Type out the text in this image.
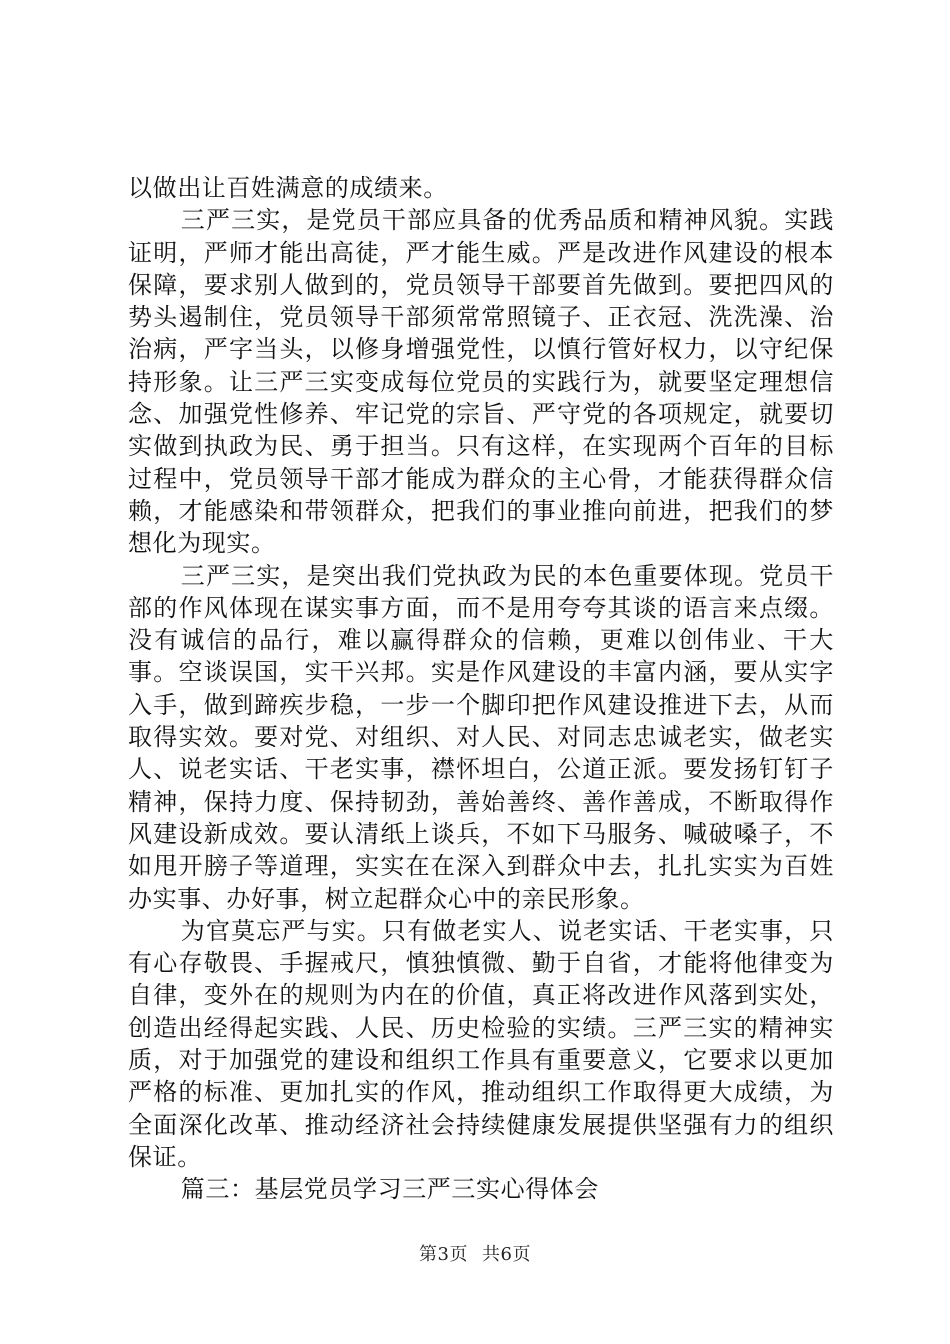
以做出让百姓满意的成绩来。

三严三实，是党员干部应具备的优秀品质和精神风貌。实践证明，严师才能出高徒，严才能生威。严是改进作风建设的根本保障，要求别人做到的，党员领导干部要首先做到。要把四风的势头遏制住，党员领导干部须常常照镜子、正衣冠、洗洗澡、治治病，严字当头，以修身增强党性，以慎行管好权力，以守纪保持形象。让三严三实变成每位党员的实践行为，就要坚定理想信念、加强党性修养、牢记党的宗旨、严守党的各项规定，就要切实做到执政为民、勇于担当。只有这样，在实现两个百年的目标过程中，党员领导干部才能成为群众的主心骨，才能获得群众信赖，才能感染和带领群众，把我们的事业推向前进，把我们的梦想化为现实。

三严三实，是突出我们党执政为民的本色重要体现。党员干部的作风体现在谋实事方面，而不是用夸夸其谈的语言来点缀。没有诚信的品行，难以赢得群众的信赖，更难以创伟业、干大事。空谈误国，实干兴邦。实是作风建设的丰富内涵，要从实字入手，做到蹄疾步稳，一步一个脚印把作风建设推进下去，从而取得实效。要对党、对组织、对人民、对同志忠诚老实，做老实人、说老实话、干老实事，襟怀坦白，公道正派。要发扬钉钉子精神，保持力度、保持韧劲，善始善终、善作善成，不断取得作风建设新成效。要认清纸上谈兵，不如下马服务、喊破嗓子，不如甩开膀子等道理，实实在在深入到群众中去，扎扎实实为百姓办实事、办好事，树立起群众心中的亲民形象。

为官莫忘严与实。只有做老实人、说老实话、干老实事，只有心存敬畏、手握戒尺，慎独慎微、勤于自省，才能将他律变为自律，变外在的规则为内在的价值，真正将改进作风落到实处，创造出经得起实践、人民、历史检验的实绩。三严三实的精神实质，对于加强党的建设和组织工作具有重要意义，它要求以更加严格的标准、更加扎实的作风，推动组织工作取得更大成绩，为全面深化改革、推动经济社会持续健康发展提供坚强有力的组织保证。

篇三：基层党员学习三严三实心得体会

第3页 共6页
